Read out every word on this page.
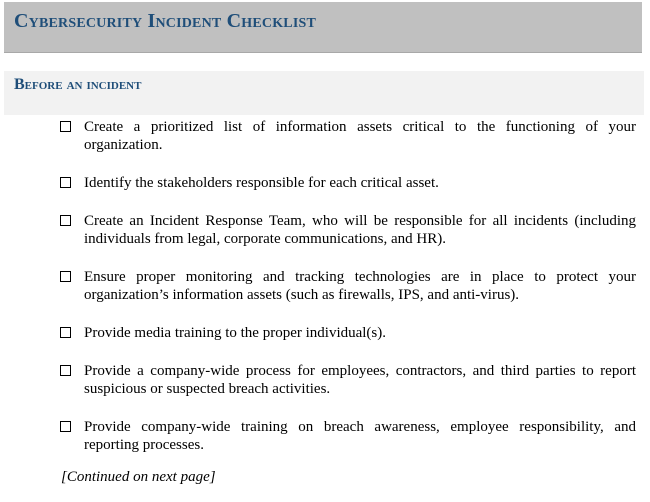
Cybersecurity Incident Checklist
Before an incident
Create a prioritized list of information assets critical to the functioning of your organization.
Identify the stakeholders responsible for each critical asset.
Create an Incident Response Team, who will be responsible for all incidents (including individuals from legal, corporate communications, and HR).
Ensure proper monitoring and tracking technologies are in place to protect your organization’s information assets (such as firewalls, IPS, and anti-virus).
Provide media training to the proper individual(s).
Provide a company-wide process for employees, contractors, and third parties to report suspicious or suspected breach activities.
Provide company-wide training on breach awareness, employee responsibility, and reporting processes.
[Continued on next page]
